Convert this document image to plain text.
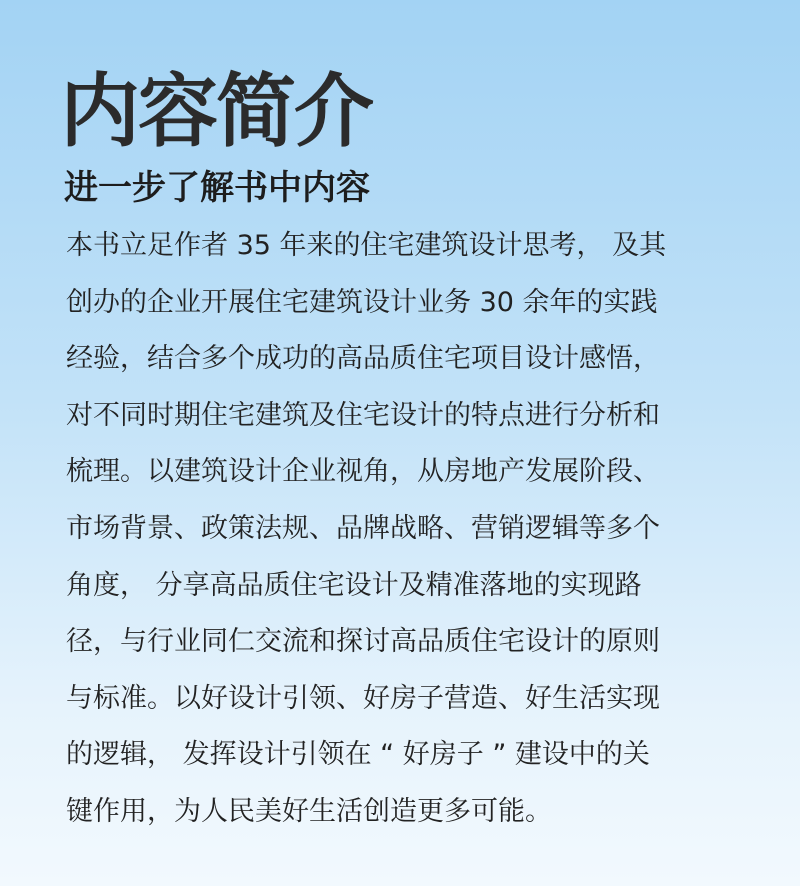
内容简介
进一步了解书中内容
本书立足作者 35 年来的住宅建筑设计思考， 及其
创办的企业开展住宅建筑设计业务 30 余年的实践
经验，结合多个成功的高品质住宅项目设计感悟，
对不同时期住宅建筑及住宅设计的特点进行分析和
梳理。以建筑设计企业视角，从房地产发展阶段、
市场背景、政策法规、品牌战略、营销逻辑等多个
角度， 分享高品质住宅设计及精准落地的实现路
径，与行业同仁交流和探讨高品质住宅设计的原则
与标准。以好设计引领、好房子营造、好生活实现
的逻辑， 发挥设计引领在 “ 好房子 ” 建设中的关
键作用，为人民美好生活创造更多可能。
